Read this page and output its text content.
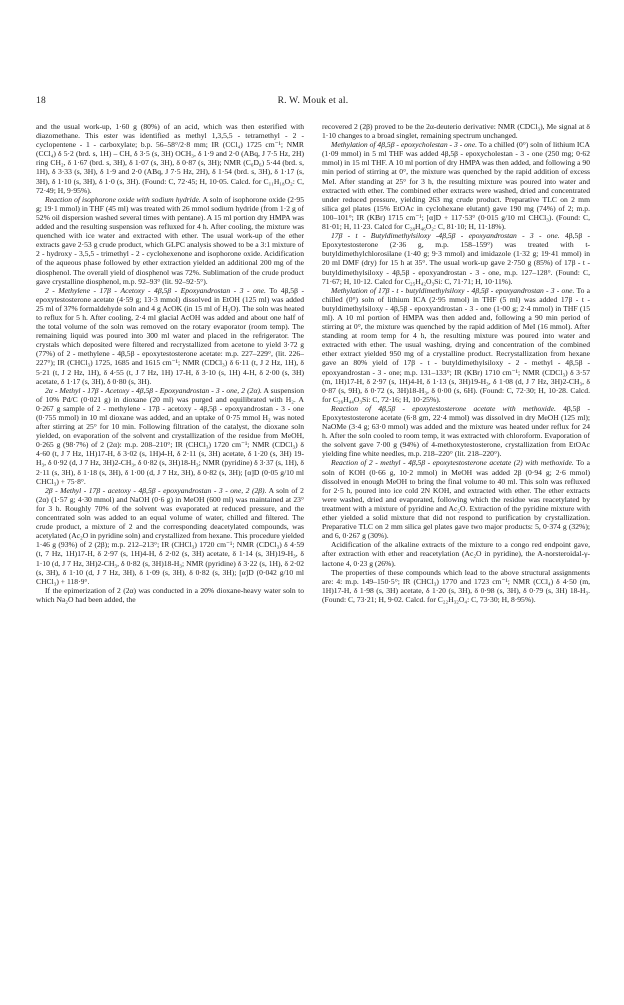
18	R. W. Mouk et al.

and the usual work-up, 1·60 g (80%) of an acid, which was then esterified with diazomethane. This ester was identified as methyl 1,3,5,5 - tetramethyl - 2 - cyclopentene - 1 - carboxylate; b.p. 56–58°/2·8 mm; IR (CCl₄) 1725 cm⁻¹; NMR (CCl₄) δ 5·2 (brd. s, 1H) – CH, δ 3·5 (s, 3H) OCH₃, δ 1·9 and 2·0 (ABq, J 7·5 Hz, 2H) ring CH₂, δ 1·67 (brd. s, 3H), δ 1·07 (s, 3H), δ 0·87 (s, 3H); NMR (C₆D₆) 5·44 (brd. s, 1H), δ 3·33 (s, 3H), δ 1·9 and 2·0 (ABq, J 7·5 Hz, 2H), δ 1·54 (brd. s, 3H), δ 1·17 (s, 3H), δ 1·10 (s, 3H), δ 1·0 (s, 3H). (Found: C, 72·45; H, 10·05. Calcd. for C₁₁H₁₈O₂: C, 72·49; H, 9·95%).

Reaction of isophorone oxide with sodium hydride. A soln of isophorone oxide (2·95 g; 19·1 mmol) in THF (45 ml) was treated with 26 mmol sodium hydride (from 1·2 g of 52% oil dispersion washed several times with pentane). A 15 ml portion dry HMPA was added and the resulting suspension was refluxed for 4 h. After cooling, the mixture was quenched with ice water and extracted with ether. The usual work-up of the ether extracts gave 2·53 g crude product, which GLPC analysis showed to be a 3:1 mixture of 2 - hydroxy - 3,5,5 - trimethyl - 2 - cyclohexenone and isophorone oxide. Acidification of the aqueous phase followed by ether extraction yielded an additional 200 mg of the diosphenol. The overall yield of diosphenol was 72%. Sublimation of the crude product gave crystalline diosphenol, m.p. 92–93° (lit. 92–92·5°).

2 - Methylene - 17β - Acetoxy - 4β,5β - Epoxyandrostan - 3 - one. To 4β,5β - epoxytestosterone acetate (4·59 g; 13·3 mmol) dissolved in EtOH (125 ml) was added 25 ml of 37% formaldehyde soln and 4 g AcOK (in 15 ml of H₂O). The soln was heated to reflux for 5 h. After cooling, 2·4 ml glacial AcOH was added and about one half of the total volume of the soln was removed on the rotary evaporator (room temp). The remaining liquid was poured into 300 ml water and placed in the refrigerator. The crystals which deposited were filtered and recrystallized from acetone to yield 3·72 g (77%) of 2 - methylene - 4β,5β - epoxytestosterone acetate: m.p. 227–229°, (lit. 226–227°); IR (CHCl₃) 1725, 1685 and 1615 cm⁻¹; NMR (CDCl₃) δ 6·11 (t, J 2 Hz, 1H), δ 5·21 (t, J 2 Hz, 1H), δ 4·55 (t, J 7 Hz, 1H) 17-H, δ 3·10 (s, 1H) 4-H, δ 2·00 (s, 3H) acetate, δ 1·17 (s, 3H), δ 0·80 (s, 3H).

2α - Methyl - 17β - Acetoxy - 4β,5β - Epoxyandrostan - 3 - one, 2 (2α). A suspension of 10% Pd/C (0·021 g) in dioxane (20 ml) was purged and equilibrated with H₂. A 0·267 g sample of 2 - methylene - 17β - acetoxy - 4β,5β - epoxyandrostan - 3 - one (0·755 mmol) in 10 ml dioxane was added, and an uptake of 0·75 mmol H₂ was noted after stirring at 25° for 10 min. Following filtration of the catalyst, the dioxane soln yielded, on evaporation of the solvent and crystallization of the residue from MeOH, 0·265 g (98·7%) of 2 (2α): m.p. 208–210°; IR (CHCl₃) 1720 cm⁻¹; NMR (CDCl₃) δ 4·60 (t, J 7 Hz, 1H)17-H, δ 3·02 (s, 1H)4-H, δ 2·11 (s, 3H) acetate, δ 1·20 (s, 3H) 19-H₃, δ 0·92 (d, J 7 Hz, 3H)2-CH₃, δ 0·82 (s, 3H)18-H₃; NMR (pyridine) δ 3·37 (s, 1H), δ 2·11 (s, 3H), δ 1·18 (s, 3H), δ 1·00 (d, J 7 Hz, 3H), δ 0·82 (s, 3H); [α]D (0·05 g/10 ml CHCl₃) + 75·8°.

2β - Methyl - 17β - acetoxy - 4β,5β - epoxyandrostan - 3 - one, 2 (2β). A soln of 2 (2α) (1·57 g; 4·30 mmol) and NaOH (0·6 g) in MeOH (600 ml) was maintained at 23° for 3 h. Roughly 70% of the solvent was evaporated at reduced pressure, and the concentrated soln was added to an equal volume of water, chilled and filtered. The crude product, a mixture of 2 and the corresponding deacetylated compounds, was acetylated (Ac₂O in pyridine soln) and crystallized from hexane. This procedure yielded 1·46 g (93%) of 2 (2β); m.p. 212–213°; IR (CHCl₃) 1720 cm⁻¹; NMR (CDCl₃) δ 4·59 (t, 7 Hz, 1H)17-H, δ 2·97 (s, 1H)4-H, δ 2·02 (s, 3H) acetate, δ 1·14 (s, 3H)19-H₃, δ 1·10 (d, J 7 Hz, 3H)2-CH₃, δ 0·82 (s, 3H)18-H₃; NMR (pyridine) δ 3·22 (s, 1H), δ 2·02 (s, 3H), δ 1·10 (d, J 7 Hz, 3H), δ 1·09 (s, 3H), δ 0·82 (s, 3H); [α]D (0·042 g/10 ml CHCl₃) + 118·9°.

If the epimerization of 2 (2α) was conducted in a 20% dioxane-heavy water soln to which Na₂O had been added, the

recovered 2 (2β) proved to be the 2α-deuterio derivative: NMR (CDCl₃), Me signal at δ 1·10 changes to a broad singlet, remaining spectrum unchanged.

Methylation of 4β,5β - epoxycholestan - 3 - one. To a chilled (0°) soln of lithium ICA (1·09 mmol) in 5 ml THF was added 4β,5β - epoxycholestan - 3 - one (250 mg; 0·62 mmol) in 15 ml THF. A 10 ml portion of dry HMPA was then added, and following a 90 min period of stirring at 0°, the mixture was quenched by the rapid addition of excess MeI. After standing at 25° for 3 h, the resulting mixture was poured into water and extracted with ether. The combined ether extracts were washed, dried and concentrated under reduced pressure, yielding 263 mg crude product. Preparative TLC on 2 mm silica gel plates (15% EtOAc in cyclohexane elutant) gave 190 mg (74%) of 2; m.p. 100–101°; IR (KBr) 1715 cm⁻¹; [α]D + 117·53° (0·015 g/10 ml CHCl₃). (Found: C, 81·01; H, 11·23. Calcd for C₂₈H₄₆O₂: C, 81·10; H, 11·18%).

17β - t - Butyldimethylsiloxy -4β,5β - epoxyandrostan - 3 - one. 4β,5β - Epoxytestosterone (2·36 g, m.p. 158–159°) was treated with t-butyldimethylchlorosilane (1·40 g; 9·3 mmol) and imidazole (1·32 g; 19·41 mmol) in 20 ml DMF (dry) for 15 h at 35°. The usual work-up gave 2·750 g (85%) of 17β - t - butyldimethylsiloxy - 4β,5β - epoxyandrostan - 3 - one, m.p. 127–128°. (Found: C, 71·67; H, 10·12. Calcd for C₂₅H₄₂O₃Si: C, 71·71; H, 10·11%).

Methylation of 17β - t - butyldimethylsiloxy - 4β,5β - epoxyandrostan - 3 - one. To a chilled (0°) soln of lithium ICA (2·95 mmol) in THF (5 ml) was added 17β - t - butyldimethylsiloxy - 4β,5β - epoxyandrostan - 3 - one (1·00 g; 2·4 mmol) in THF (15 ml). A 10 ml portion of HMPA was then added and, following a 90 min period of stirring at 0°, the mixture was quenched by the rapid addition of MeI (16 mmol). After standing at room temp for 4 h, the resulting mixture was poured into water and extracted with ether. The usual washing, drying and concentration of the combined ether extract yielded 950 mg of a crystalline product. Recrystallization from hexane gave an 80% yield of 17β - t - butyldimethylsiloxy - 2 - methyl - 4β,5β - epoxyandrostan - 3 - one; m.p. 131–133°; IR (KBr) 1710 cm⁻¹; NMR (CDCl₃) δ 3·57 (m, 1H)17-H, δ 2·97 (s, 1H)4-H, δ 1·13 (s, 3H)19-H₃, δ 1·08 (d, J 7 Hz, 3H)2-CH₃, δ 0·87 (s, 9H), δ 0·72 (s, 3H)18-H₃, δ 0·00 (s, 6H). (Found: C, 72·30; H, 10·28. Calcd. for C₂₆H₄₄O₃Si: C, 72·16; H, 10·25%).

Reaction of 4β,5β - epoxytestosterone acetate with methoxide. 4β,5β - Epoxytestosterone acetate (6·8 gm, 22·4 mmol) was dissolved in dry MeOH (125 ml); NaOMe (3·4 g; 63·0 mmol) was added and the mixture was heated under reflux for 24 h. After the soln cooled to room temp, it was extracted with chloroform. Evaporation of the solvent gave 7·00 g (94%) of 4-methoxytestosterone, crystallization from EtOAc yielding fine white needles, m.p. 218–220° (lit. 218–220°).

Reaction of 2 - methyl - 4β,5β - epoxytestosterone acetate (2) with methoxide. To a soln of KOH (0·66 g, 10·2 mmol) in MeOH was added 2β (0·94 g; 2·6 mmol) dissolved in enough MeOH to bring the final volume to 40 ml. This soln was refluxed for 2·5 h, poured into ice cold 2N KOH, and extracted with ether. The ether extracts were washed, dried and evaporated, following which the residue was reacetylated by treatment with a mixture of pyridine and Ac₂O. Extraction of the pyridine mixture with ether yielded a solid mixture that did not respond to purification by crystallization. Preparative TLC on 2 mm silica gel plates gave two major products: 5, 0·374 g (32%); and 6, 0·267 g (30%).

Acidification of the alkaline extracts of the mixture to a congo red endpoint gave, after extraction with ether and reacetylation (Ac₂O in pyridine), the A-norsteroidal-γ-lactone 4, 0·23 g (26%).

The properties of these compounds which lead to the above structural assignments are: 4: m.p. 149–150·5°; IR (CHCl₃) 1770 and 1723 cm⁻¹; NMR (CCl₄) δ 4·50 (m, 1H)17-H, δ 1·98 (s, 3H) acetate, δ 1·20 (s, 3H), δ 0·98 (s, 3H), δ 0·79 (s, 3H) 18-H₃. (Found: C, 73·21; H, 9·02. Calcd. for C₂₂H₃₂O₄: C, 73·30; H, 8·95%).
